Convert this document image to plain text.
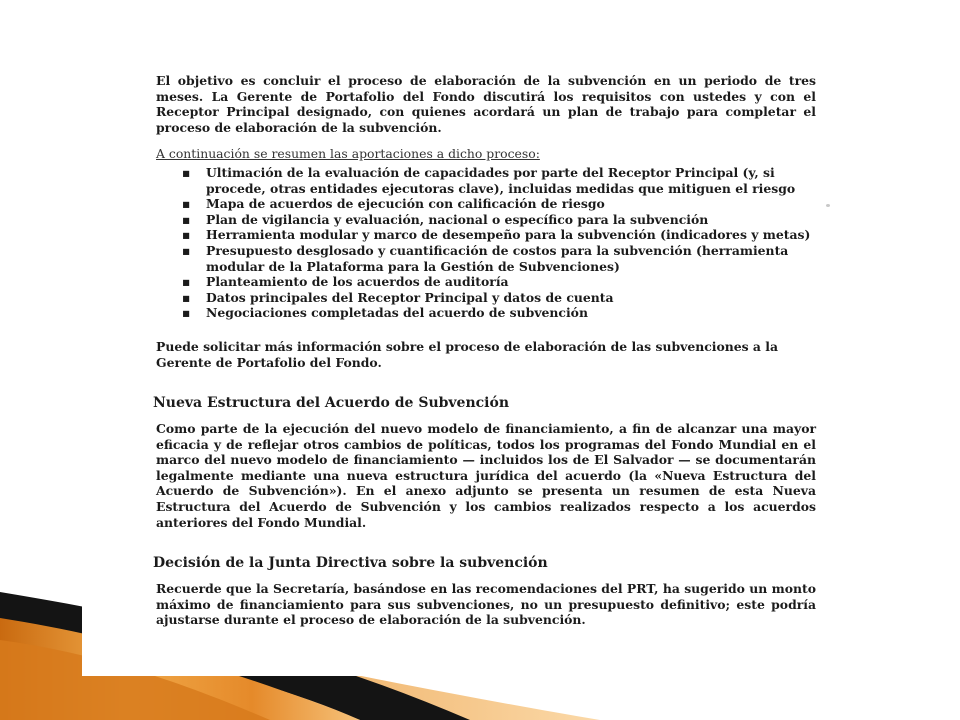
El objetivo es concluir el proceso de elaboración de la subvención en un periodo de tres meses. La Gerente de Portafolio del Fondo discutirá los requisitos con ustedes y con el Receptor Principal designado, con quienes acordará un plan de trabajo para completar el proceso de elaboración de la subvención.

A continuación se resumen las aportaciones a dicho proceso:

▪ Ultimación de la evaluación de capacidades por parte del Receptor Principal (y, si procede, otras entidades ejecutoras clave), incluidas medidas que mitiguen el riesgo
▪ Mapa de acuerdos de ejecución con calificación de riesgo
▪ Plan de vigilancia y evaluación, nacional o específico para la subvención
▪ Herramienta modular y marco de desempeño para la subvención (indicadores y metas)
▪ Presupuesto desglosado y cuantificación de costos para la subvención (herramienta modular de la Plataforma para la Gestión de Subvenciones)
▪ Planteamiento de los acuerdos de auditoría
▪ Datos principales del Receptor Principal y datos de cuenta
▪ Negociaciones completadas del acuerdo de subvención

Puede solicitar más información sobre el proceso de elaboración de las subvenciones a la Gerente de Portafolio del Fondo.

Nueva Estructura del Acuerdo de Subvención

Como parte de la ejecución del nuevo modelo de financiamiento, a fin de alcanzar una mayor eficacia y de reflejar otros cambios de políticas, todos los programas del Fondo Mundial en el marco del nuevo modelo de financiamiento — incluidos los de El Salvador — se documentarán legalmente mediante una nueva estructura jurídica del acuerdo (la «Nueva Estructura del Acuerdo de Subvención»). En el anexo adjunto se presenta un resumen de esta Nueva Estructura del Acuerdo de Subvención y los cambios realizados respecto a los acuerdos anteriores del Fondo Mundial.

Decisión de la Junta Directiva sobre la subvención

Recuerde que la Secretaría, basándose en las recomendaciones del PRT, ha sugerido un monto máximo de financiamiento para sus subvenciones, no un presupuesto definitivo; este podría ajustarse durante el proceso de elaboración de la subvención.
